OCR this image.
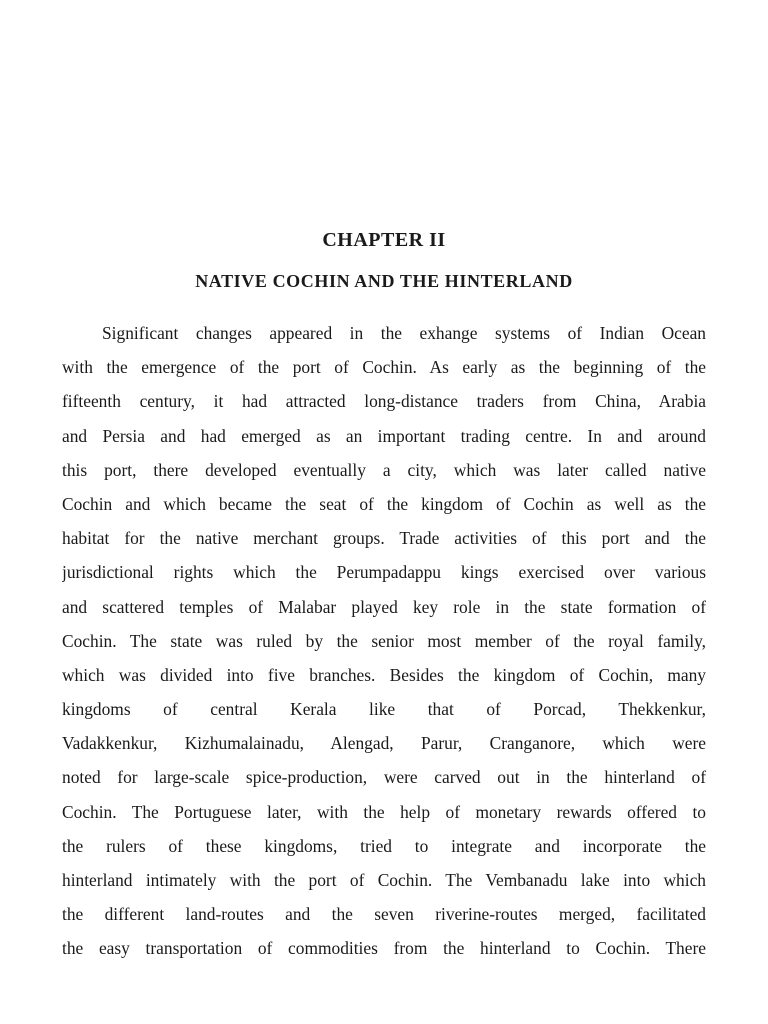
CHAPTER II
NATIVE COCHIN AND THE HINTERLAND
Significant changes appeared in the exhange systems of Indian Ocean
with the emergence of the port of Cochin. As early as the beginning of the
fifteenth century, it had attracted long-distance traders from China, Arabia
and Persia and had emerged as an important trading centre. In and around
this port, there developed eventually a city, which was later called native
Cochin and which became the seat of the kingdom of Cochin as well as the
habitat for the native merchant groups. Trade activities of this port and the
jurisdictional rights which the Perumpadappu kings exercised over various
and scattered temples of Malabar played key role in the state formation of
Cochin. The state was ruled by the senior most member of the royal family,
which was divided into five branches. Besides the kingdom of Cochin, many
kingdoms of central Kerala like that of Porcad, Thekkenkur,
Vadakkenkur, Kizhumalainadu, Alengad, Parur, Cranganore, which were
noted for large-scale spice-production, were carved out in the hinterland of
Cochin. The Portuguese later, with the help of monetary rewards offered to
the rulers of these kingdoms, tried to integrate and incorporate the
hinterland intimately with the port of Cochin. The Vembanadu lake into which
the different land-routes and the seven riverine-routes merged, facilitated
the easy transportation of commodities from the hinterland to Cochin. There
